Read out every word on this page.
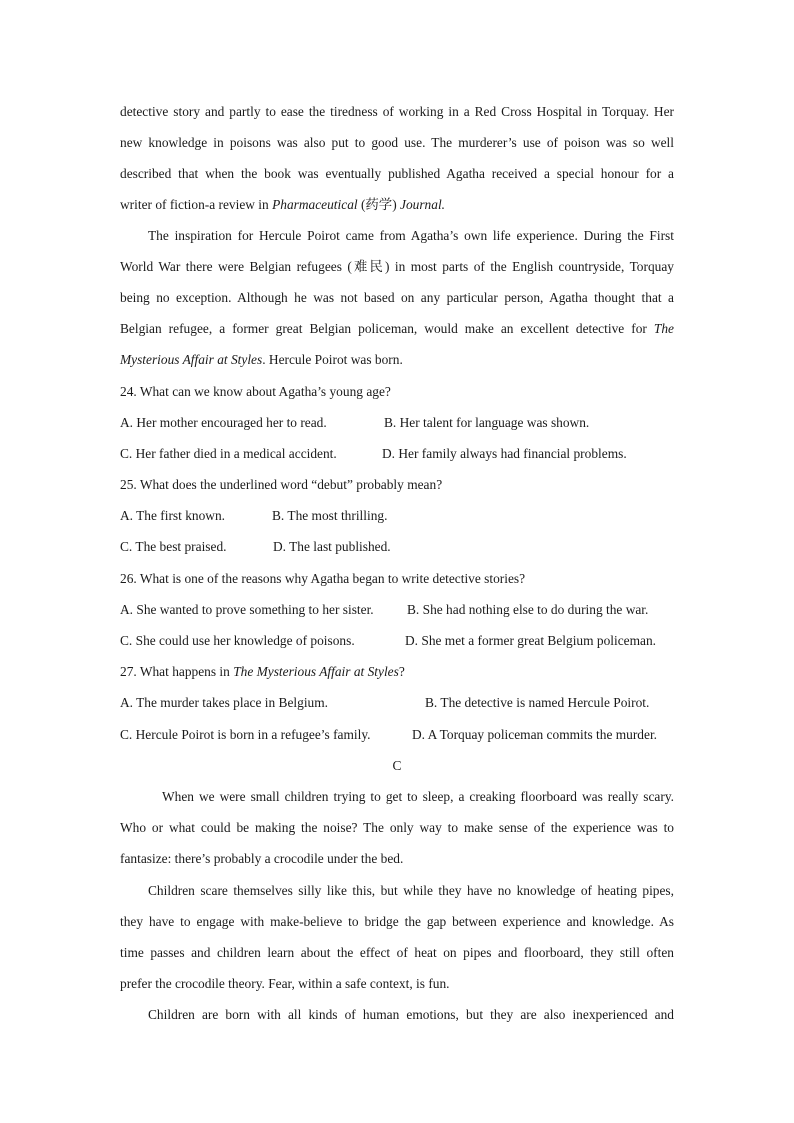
detective story and partly to ease the tiredness of working in a Red Cross Hospital in Torquay. Her
new knowledge in poisons was also put to good use. The murderer’s use of poison was so well
described that when the book was eventually published Agatha received a special honour for a
writer of fiction-a review in Pharmaceutical (药学) Journal.
The inspiration for Hercule Poirot came from Agatha’s own life experience. During the First
World War there were Belgian refugees (难民) in most parts of the English countryside, Torquay
being no exception. Although he was not based on any particular person, Agatha thought that a
Belgian refugee, a former great Belgian policeman, would make an excellent detective for The
Mysterious Affair at Styles. Hercule Poirot was born.
24. What can we know about Agatha’s young age?
A. Her mother encouraged her to read.	B. Her talent for language was shown.
C. Her father died in a medical accident.	D. Her family always had financial problems.
25. What does the underlined word “debut” probably mean?
A. The first known.	B. The most thrilling.
C. The best praised.	D. The last published.
26. What is one of the reasons why Agatha began to write detective stories?
A. She wanted to prove something to her sister. B. She had nothing else to do during the war.
C. She could use her knowledge of poisons.	D. She met a former great Belgium policeman.
27. What happens in The Mysterious Affair at Styles?
A. The murder takes place in Belgium.	B. The detective is named Hercule Poirot.
C. Hercule Poirot is born in a refugee’s family.	D. A Torquay policeman commits the murder.
C
When we were small children trying to get to sleep, a creaking floorboard was really scary.
Who or what could be making the noise? The only way to make sense of the experience was to
fantasize: there’s probably a crocodile under the bed.
Children scare themselves silly like this, but while they have no knowledge of heating pipes,
they have to engage with make-believe to bridge the gap between experience and knowledge. As
time passes and children learn about the effect of heat on pipes and floorboard, they still often
prefer the crocodile theory. Fear, within a safe context, is fun.
Children are born with all kinds of human emotions, but they are also inexperienced and
